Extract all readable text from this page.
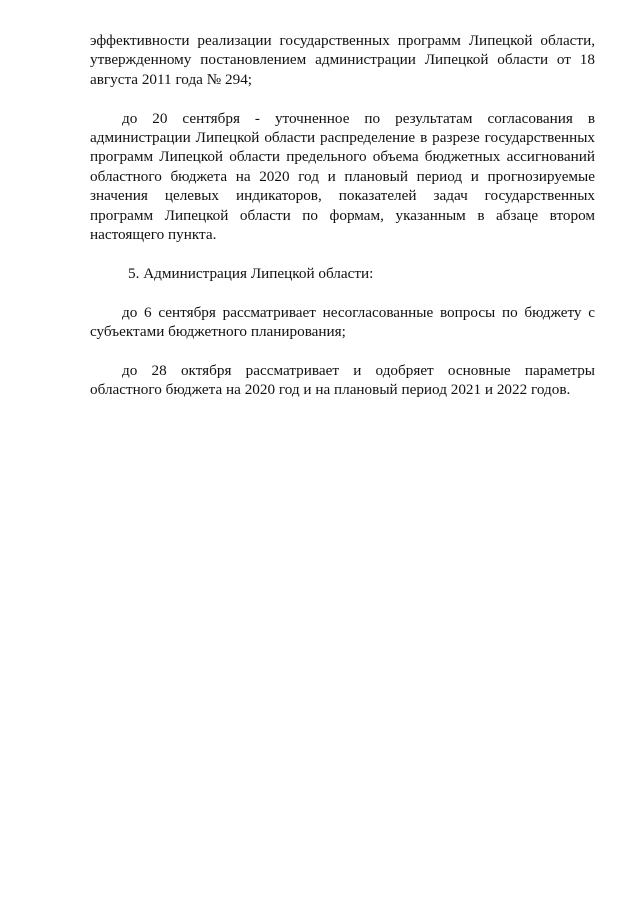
эффективности реализации государственных программ Липецкой области, утвержденному постановлением администрации Липецкой области от 18 августа 2011 года № 294;

до 20 сентября - уточненное по результатам согласования в администрации Липецкой области распределение в разрезе государственных программ Липецкой области предельного объема бюджетных ассигнований областного бюджета на 2020 год и плановый период и прогнозируемые значения целевых индикаторов, показателей задач государственных программ Липецкой области по формам, указанным в абзаце втором настоящего пункта.

5. Администрация Липецкой области:

до 6 сентября рассматривает несогласованные вопросы по бюджету с субъектами бюджетного планирования;

до 28 октября рассматривает и одобряет основные параметры областного бюджета на 2020 год и на плановый период 2021 и 2022 годов.
